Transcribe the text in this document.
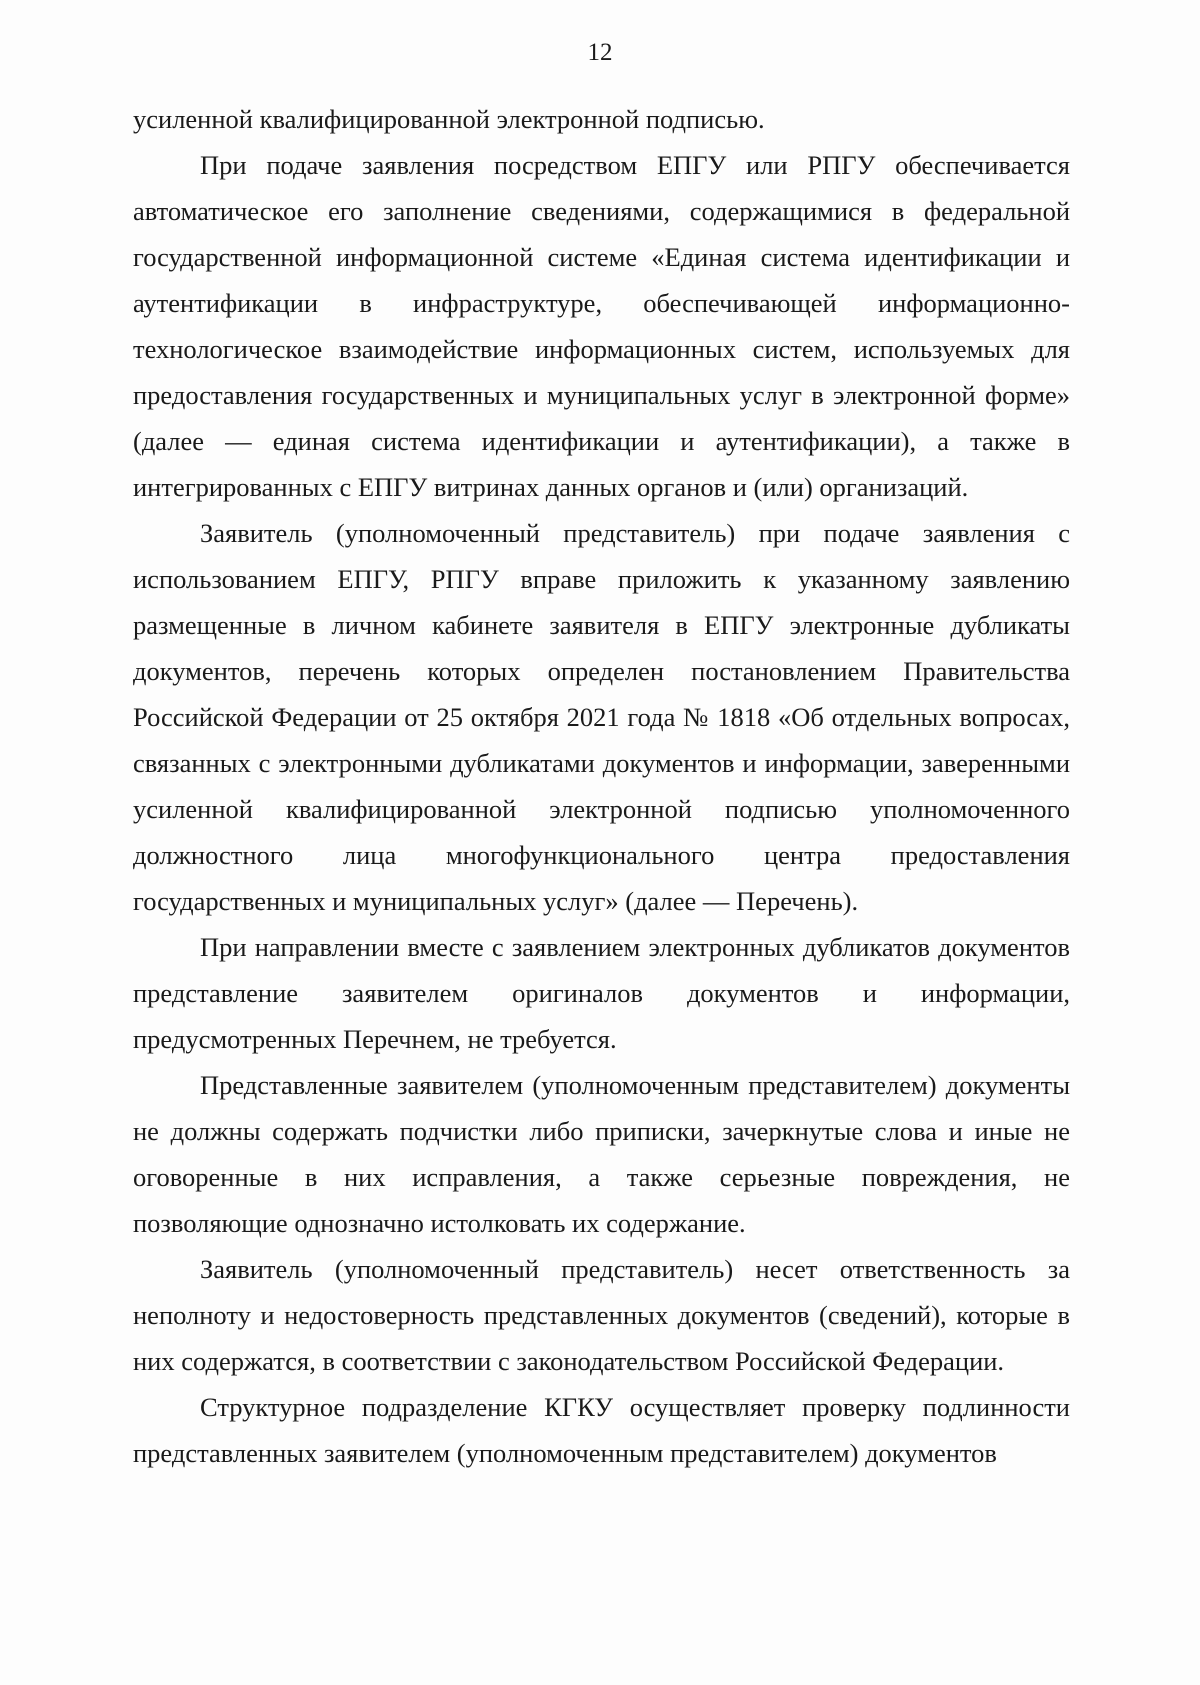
12

усиленной квалифицированной электронной подписью.

При подаче заявления посредством ЕПГУ или РПГУ обеспечивается автоматическое его заполнение сведениями, содержащимися в федеральной государственной информационной системе «Единая система идентификации и аутентификации в инфраструктуре, обеспечивающей информационно-технологическое взаимодействие информационных систем, используемых для предоставления государственных и муниципальных услуг в электронной форме» (далее — единая система идентификации и аутентификации), а также в интегрированных с ЕПГУ витринах данных органов и (или) организаций.

Заявитель (уполномоченный представитель) при подаче заявления с использованием ЕПГУ, РПГУ вправе приложить к указанному заявлению размещенные в личном кабинете заявителя в ЕПГУ электронные дубликаты документов, перечень которых определен постановлением Правительства Российской Федерации от 25 октября 2021 года № 1818 «Об отдельных вопросах, связанных с электронными дубликатами документов и информации, заверенными усиленной квалифицированной электронной подписью уполномоченного должностного лица многофункционального центра предоставления государственных и муниципальных услуг» (далее — Перечень).

При направлении вместе с заявлением электронных дубликатов документов представление заявителем оригиналов документов и информации, предусмотренных Перечнем, не требуется.

Представленные заявителем (уполномоченным представителем) документы не должны содержать подчистки либо приписки, зачеркнутые слова и иные не оговоренные в них исправления, а также серьезные повреждения, не позволяющие однозначно истолковать их содержание.

Заявитель (уполномоченный представитель) несет ответственность за неполноту и недостоверность представленных документов (сведений), которые в них содержатся, в соответствии с законодательством Российской Федерации.

Структурное подразделение КГКУ осуществляет проверку подлинности представленных заявителем (уполномоченным представителем) документов
